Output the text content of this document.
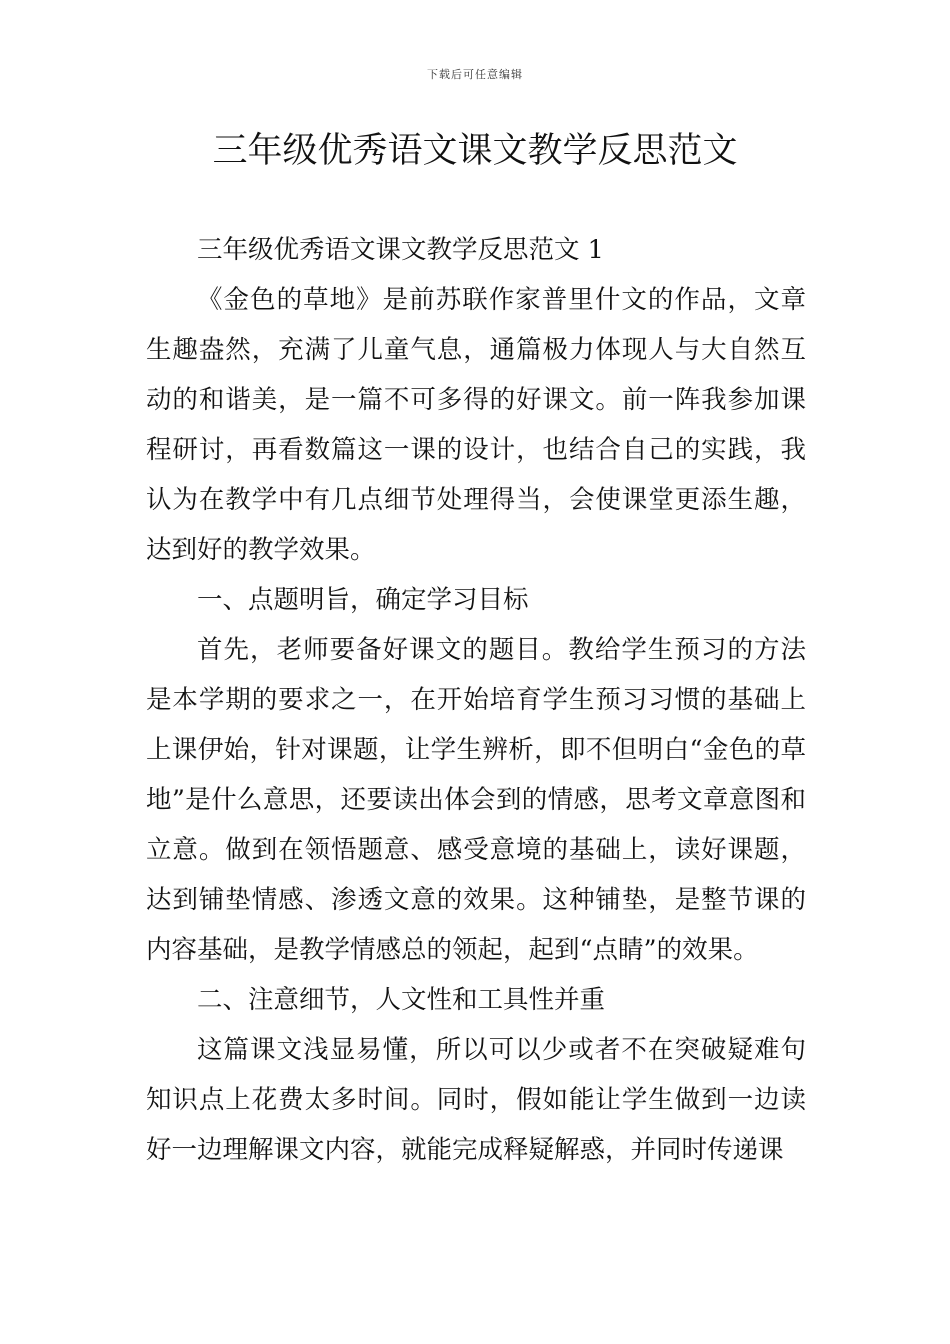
下载后可任意编辑
三年级优秀语文课文教学反思范文

三年级优秀语文课文教学反思范文 1

《金色的草地》是前苏联作家普里什文的作品，文章生趣盎然，充满了儿童气息，通篇极力体现人与大自然互动的和谐美，是一篇不可多得的好课文。前一阵我参加课程研讨，再看数篇这一课的设计，也结合自己的实践，我认为在教学中有几点细节处理得当，会使课堂更添生趣，达到好的教学效果。

一、点题明旨，确定学习目标

首先，老师要备好课文的题目。教给学生预习的方法是本学期的要求之一，在开始培育学生预习习惯的基础上上课伊始，针对课题，让学生辨析，即不但明白“金色的草地”是什么意思，还要读出体会到的情感，思考文章意图和立意。做到在领悟题意、感受意境的基础上，读好课题，达到铺垫情感、渗透文意的效果。这种铺垫，是整节课的内容基础，是教学情感总的领起，起到“点睛”的效果。

二、注意细节，人文性和工具性并重

这篇课文浅显易懂，所以可以少或者不在突破疑难句知识点上花费太多时间。同时，假如能让学生做到一边读好一边理解课文内容，就能完成释疑解惑，并同时传递课
